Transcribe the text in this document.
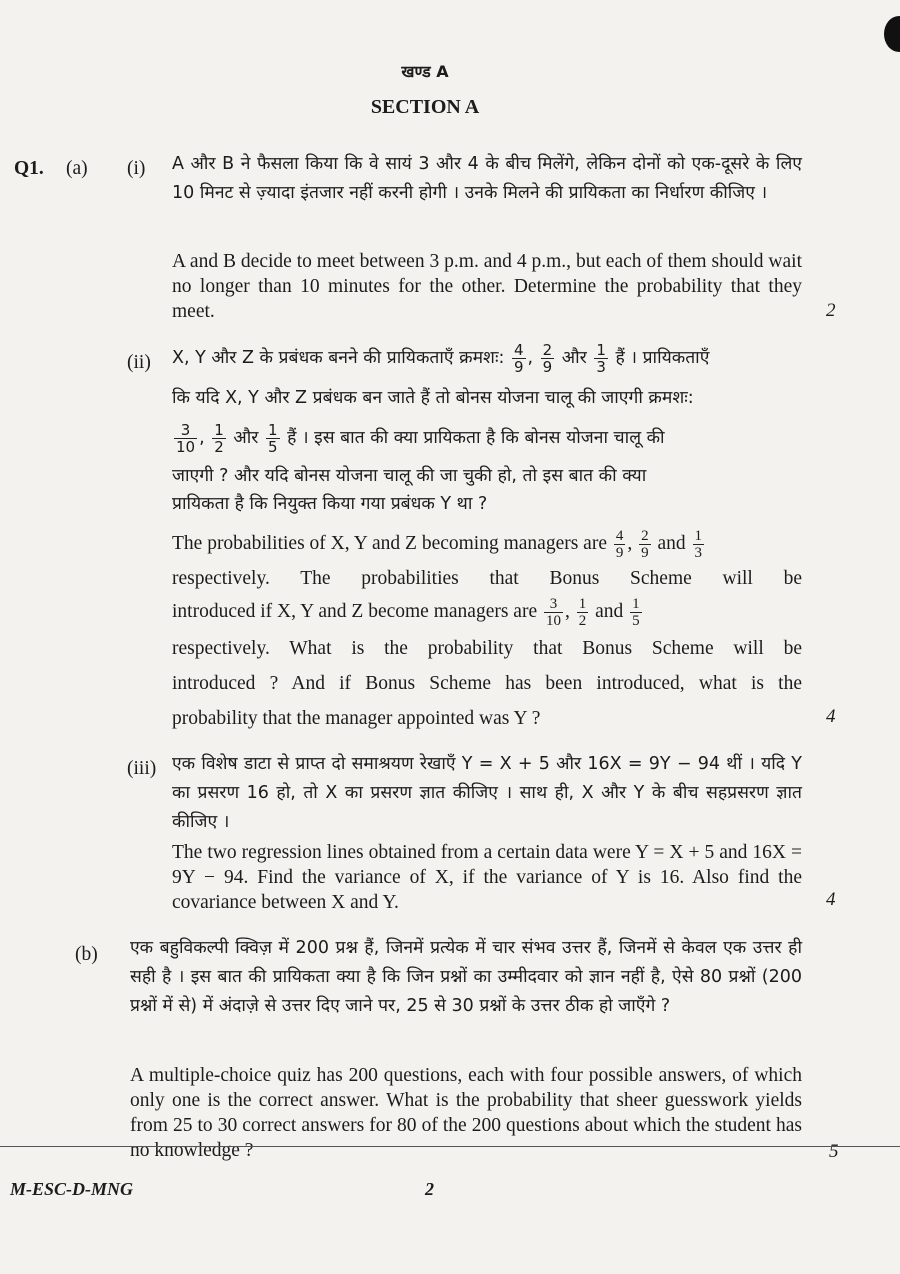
खण्ड A
SECTION A
Q1. (a) (i) A और B ने फैसला किया कि वे सायं 3 और 4 के बीच मिलेंगे, लेकिन दोनों को एक-दूसरे के लिए 10 मिनट से ज़्यादा इंतजार नहीं करनी होगी । उनके मिलने की प्रायिकता का निर्धारण कीजिए ।
A and B decide to meet between 3 p.m. and 4 p.m., but each of them should wait no longer than 10 minutes for the other. Determine the probability that they meet.	2
(ii) X, Y और Z के प्रबंधक बनने की प्रायिकताएँ क्रमशः: $\frac{4}{9}$ , $\frac{2}{9}$ और $\frac{1}{3}$ हैं । प्रायिकताएँ
कि यदि X, Y और Z प्रबंधक बन जाते हैं तो बोनस योजना चालू की जाएगी क्रमशः:
$\frac{3}{10}$ , $\frac{1}{2}$ और $\frac{1}{5}$ हैं । इस बात की क्या प्रायिकता है कि बोनस योजना चालू की
जाएगी ? और यदि बोनस योजना चालू की जा चुकी हो, तो इस बात की क्या
प्रायिकता है कि नियुक्त किया गया प्रबंधक Y था ?
The probabilities of X, Y and Z becoming managers are $\frac{4}{9}$ , $\frac{2}{9}$ and $\frac{1}{3}$
respectively. The probabilities that Bonus Scheme will be
introduced if X, Y and Z become managers are $\frac{3}{10}$ , $\frac{1}{2}$ and $\frac{1}{5}$
respectively. What is the probability that Bonus Scheme will be
introduced ? And if Bonus Scheme has been introduced, what is the
probability that the manager appointed was Y ?	4
(iii) एक विशेष डाटा से प्राप्त दो समाश्रयण रेखाएँ Y = X + 5 और 16X = 9Y − 94 थीं । यदि Y का प्रसरण 16 हो, तो X का प्रसरण ज्ञात कीजिए । साथ ही, X और Y के बीच सहप्रसरण ज्ञात कीजिए ।
The two regression lines obtained from a certain data were Y = X + 5 and 16X = 9Y − 94. Find the variance of X, if the variance of Y is 16. Also find the covariance between X and Y.	4
(b) एक बहुविकल्पी क्विज़ में 200 प्रश्न हैं, जिनमें प्रत्येक में चार संभव उत्तर हैं, जिनमें से केवल एक उत्तर ही सही है । इस बात की प्रायिकता क्या है कि जिन प्रश्नों का उम्मीदवार को ज्ञान नहीं है, ऐसे 80 प्रश्नों (200 प्रश्नों में से) में अंदाज़े से उत्तर दिए जाने पर, 25 से 30 प्रश्नों के उत्तर ठीक हो जाएँगे ?
A multiple-choice quiz has 200 questions, each with four possible answers, of which only one is the correct answer. What is the probability that sheer guesswork yields from 25 to 30 correct answers for 80 of the 200 questions about which the student has no knowledge ?	5
M-ESC-D-MNG	2
